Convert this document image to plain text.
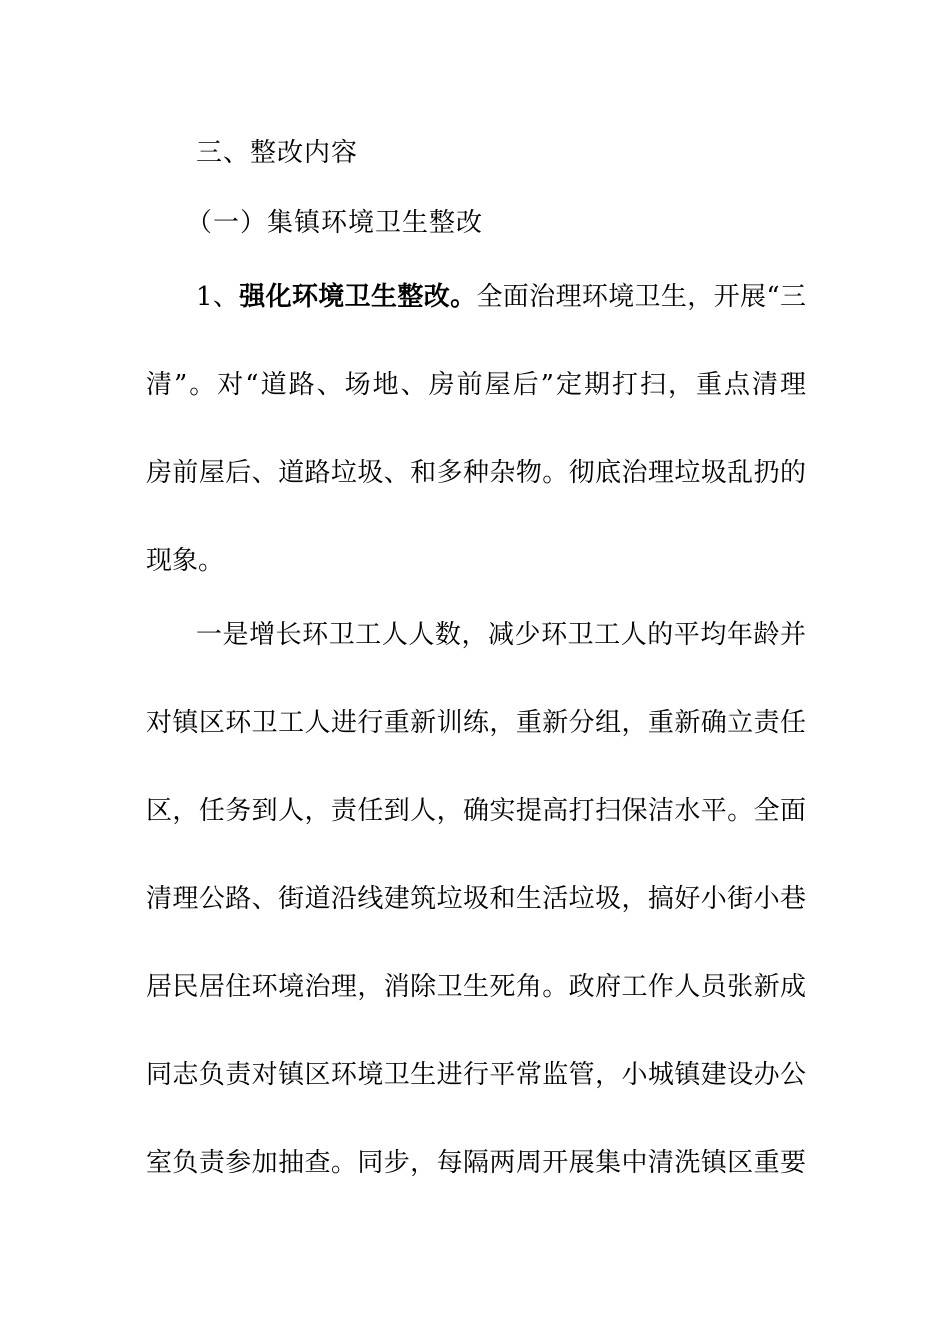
三、整改内容
（一）集镇环境卫生整改
1、强化环境卫生整改。全面治理环境卫生，开展“三
清”。对“道路、场地、房前屋后”定期打扫，重点清理
房前屋后、道路垃圾、和多种杂物。彻底治理垃圾乱扔的
现象。
一是增长环卫工人人数，减少环卫工人的平均年龄并
对镇区环卫工人进行重新训练，重新分组，重新确立责任
区，任务到人，责任到人，确实提高打扫保洁水平。全面
清理公路、街道沿线建筑垃圾和生活垃圾，搞好小街小巷
居民居住环境治理，消除卫生死角。政府工作人员张新成
同志负责对镇区环境卫生进行平常监管，小城镇建设办公
室负责参加抽查。同步，每隔两周开展集中清洗镇区重要
